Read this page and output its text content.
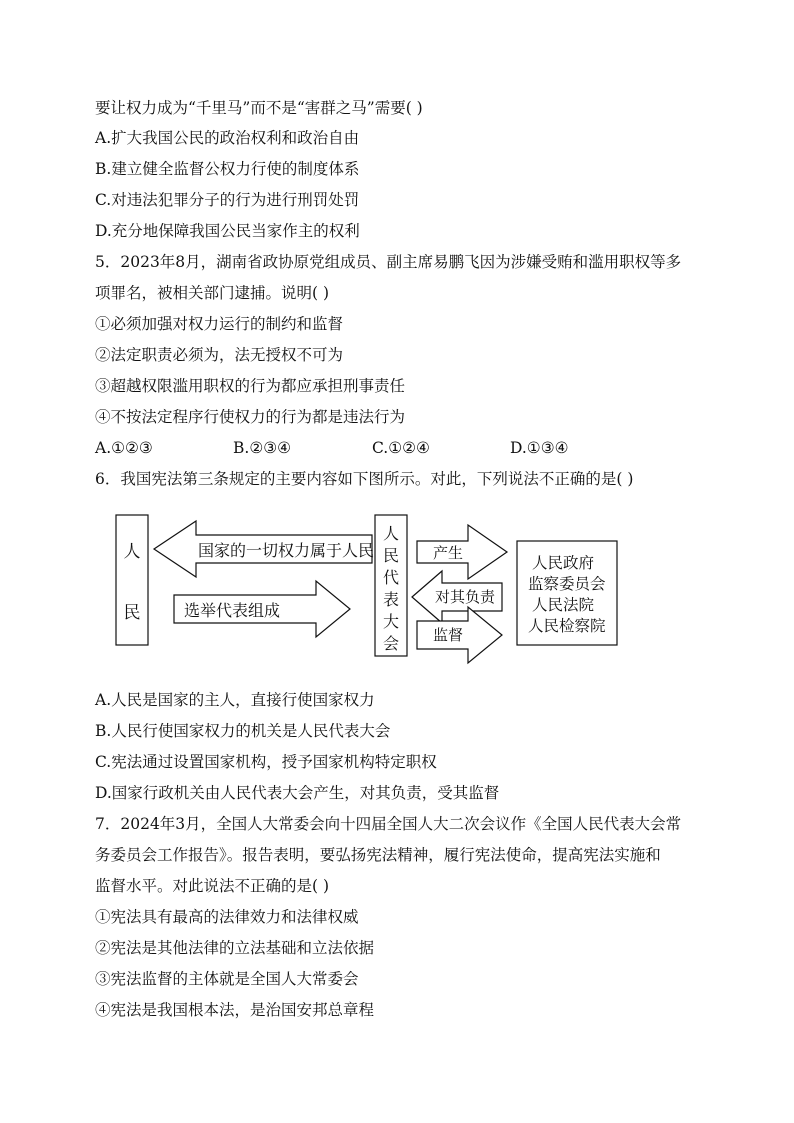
要让权力成为“千里马”而不是“害群之马”需要( )
A.扩大我国公民的政治权利和政治自由
B.建立健全监督公权力行使的制度体系
C.对违法犯罪分子的行为进行刑罚处罚
D.充分地保障我国公民当家作主的权利
5．2023年8月，湖南省政协原党组成员、副主席易鹏飞因为涉嫌受贿和滥用职权等多
项罪名，被相关部门逮捕。说明( )
①必须加强对权力运行的制约和监督
②法定职责必须为，法无授权不可为
③超越权限滥用职权的行为都应承担刑事责任
④不按法定程序行使权力的行为都是违法行为
A.①②③	B.②③④	C.①②④	D.①③④
6．我国宪法第三条规定的主要内容如下图所示。对此，下列说法不正确的是( )
人
民
国家的一切权力属于人民
选举代表组成
人
民
代
表
大
会
产生
对其负责
监督
人民政府
监察委员会
人民法院
人民检察院
A.人民是国家的主人，直接行使国家权力
B.人民行使国家权力的机关是人民代表大会
C.宪法通过设置国家机构，授予国家机构特定职权
D.国家行政机关由人民代表大会产生，对其负责，受其监督
7．2024年3月，全国人大常委会向十四届全国人大二次会议作《全国人民代表大会常
务委员会工作报告》。报告表明，要弘扬宪法精神，履行宪法使命，提高宪法实施和
监督水平。对此说法不正确的是( )
①宪法具有最高的法律效力和法律权威
②宪法是其他法律的立法基础和立法依据
③宪法监督的主体就是全国人大常委会
④宪法是我国根本法，是治国安邦总章程
